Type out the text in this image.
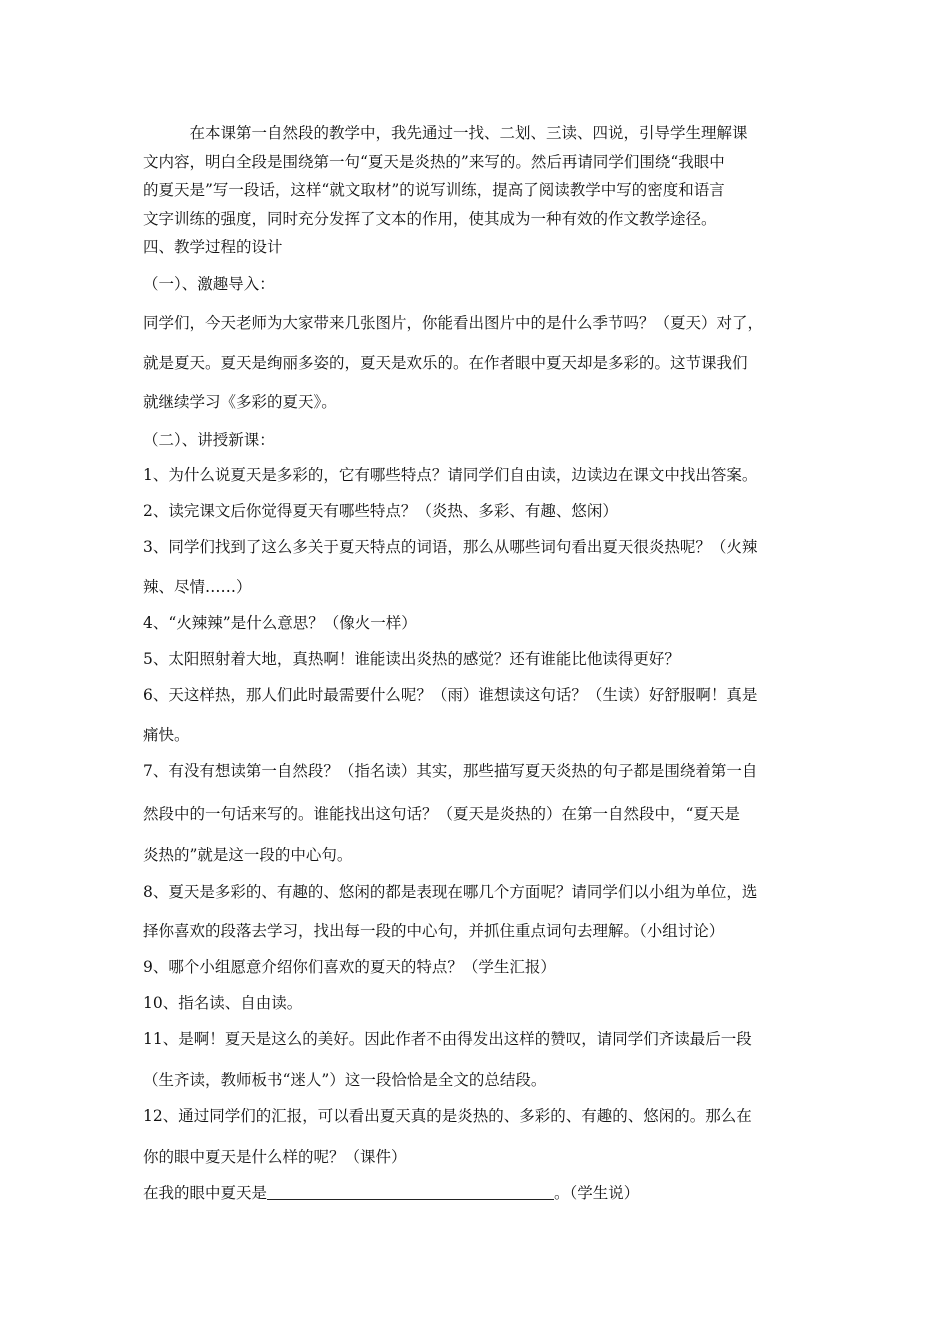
　　　在本课第一自然段的教学中，我先通过一找、二划、三读、四说，引导学生理解课
文内容，明白全段是围绕第一句“夏天是炎热的”来写的。然后再请同学们围绕“我眼中
的夏天是”写一段话，这样“就文取材”的说写训练，提高了阅读教学中写的密度和语言
文字训练的强度，同时充分发挥了文本的作用，使其成为一种有效的作文教学途径。
四、教学过程的设计
（一）、激趣导入：
同学们，今天老师为大家带来几张图片，你能看出图片中的是什么季节吗？（夏天）对了，
就是夏天。夏天是绚丽多姿的，夏天是欢乐的。在作者眼中夏天却是多彩的。这节课我们
就继续学习《多彩的夏天》。
（二）、讲授新课：
1、为什么说夏天是多彩的，它有哪些特点？请同学们自由读，边读边在课文中找出答案。
2、读完课文后你觉得夏天有哪些特点？（炎热、多彩、有趣、悠闲）
3、同学们找到了这么多关于夏天特点的词语，那么从哪些词句看出夏天很炎热呢？（火辣
辣、尽情……）
4、“火辣辣”是什么意思？（像火一样）
5、太阳照射着大地，真热啊！谁能读出炎热的感觉？还有谁能比他读得更好？
6、天这样热，那人们此时最需要什么呢？（雨）谁想读这句话？（生读）好舒服啊！真是
痛快。
7、有没有想读第一自然段？（指名读）其实，那些描写夏天炎热的句子都是围绕着第一自
然段中的一句话来写的。谁能找出这句话？（夏天是炎热的）在第一自然段中，“夏天是
炎热的”就是这一段的中心句。
8、夏天是多彩的、有趣的、悠闲的都是表现在哪几个方面呢？请同学们以小组为单位，选
择你喜欢的段落去学习，找出每一段的中心句，并抓住重点词句去理解。（小组讨论）
9、哪个小组愿意介绍你们喜欢的夏天的特点？（学生汇报）
10、指名读、自由读。
11、是啊！夏天是这么的美好。因此作者不由得发出这样的赞叹，请同学们齐读最后一段
（生齐读，教师板书“迷人”）这一段恰恰是全文的总结段。
12、通过同学们的汇报，可以看出夏天真的是炎热的、多彩的、有趣的、悠闲的。那么在
你的眼中夏天是什么样的呢？（课件）
在我的眼中夏天是	。（学生说）
